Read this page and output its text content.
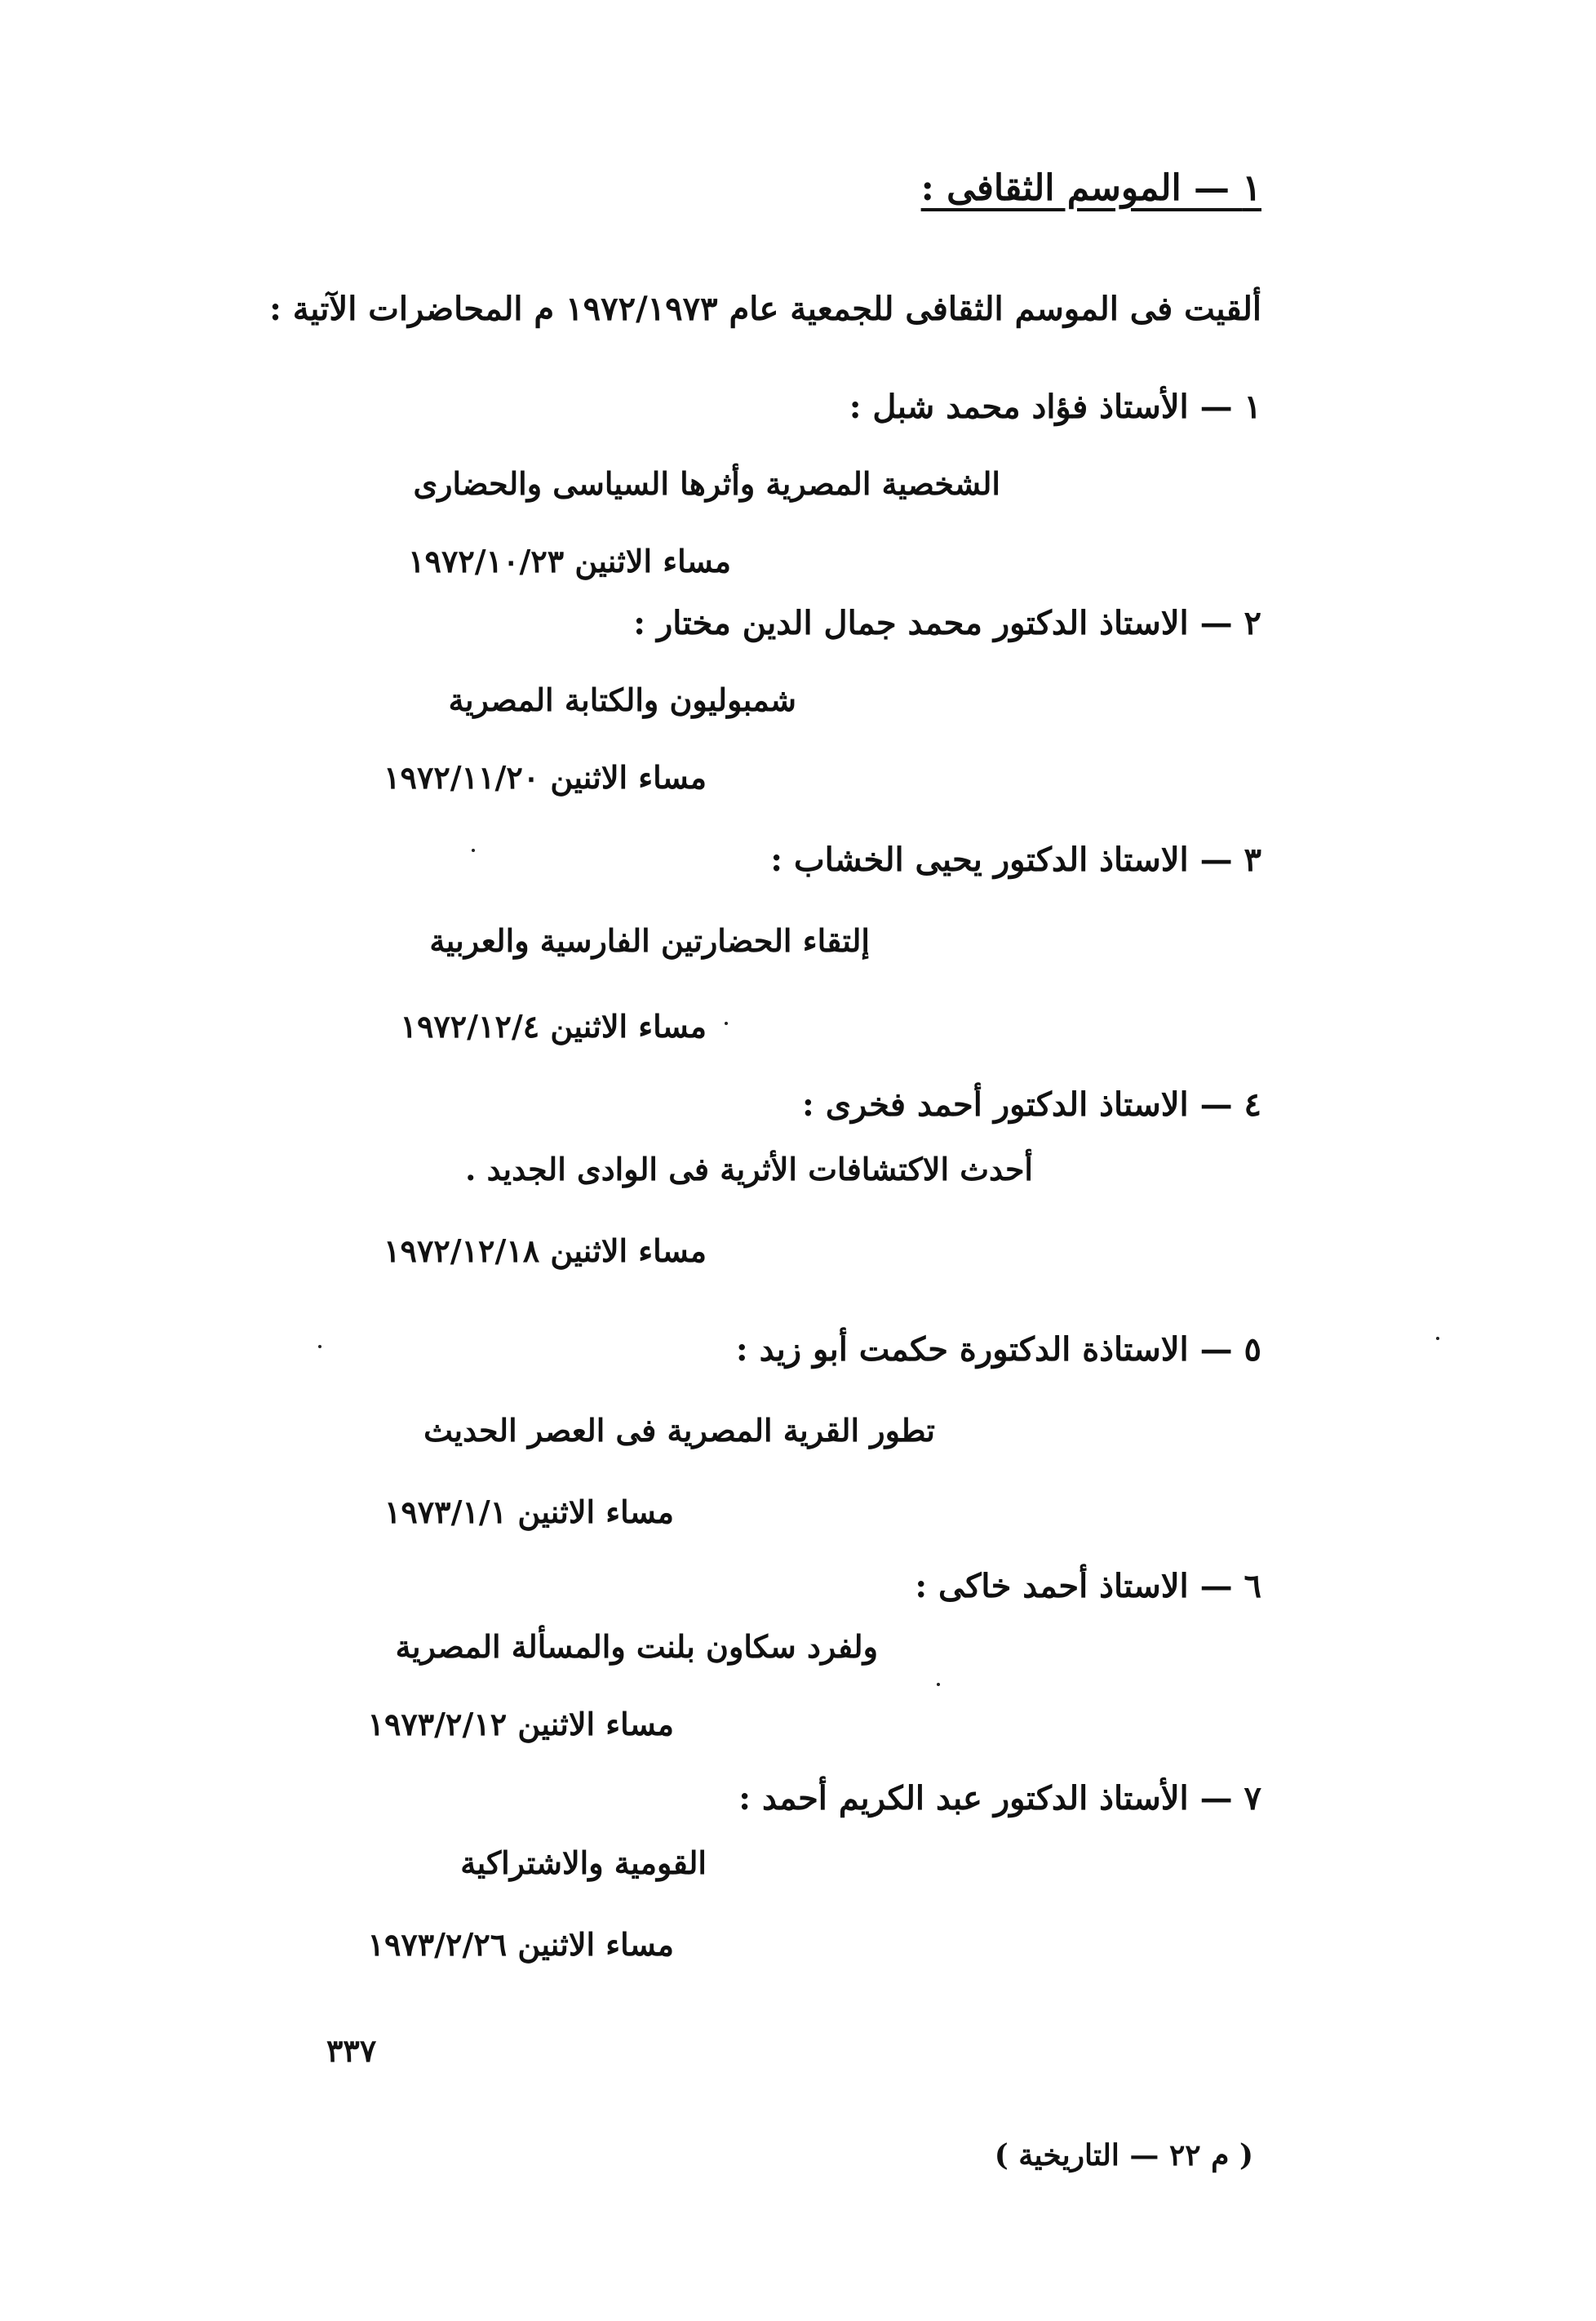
١ — الموسم الثقافى :
ألقيت فى الموسم الثقافى للجمعية عام ١٩٧٢/١٩٧٣ م المحاضرات الآتية :
١ — الأستاذ فؤاد محمد شبل :
الشخصية المصرية وأثرها السياسى والحضارى
مساء الاثنين ١٩٧٢/١٠/٢٣
٢ — الاستاذ الدكتور محمد جمال الدين مختار :
شمبوليون والكتابة المصرية
مساء الاثنين ١٩٧٢/١١/٢٠
٣ — الاستاذ الدكتور يحيى الخشاب :
إلتقاء الحضارتين الفارسية والعربية
مساء الاثنين ١٩٧٢/١٢/٤
٤ — الاستاذ الدكتور أحمد فخرى :
أحدث الاكتشافات الأثرية فى الوادى الجديد .
مساء الاثنين ١٩٧٢/١٢/١٨
٥ — الاستاذة الدكتورة حكمت أبو زيد :
تطور القرية المصرية فى العصر الحديث
مساء الاثنين ١٩٧٣/١/١
٦ — الاستاذ أحمد خاكى :
ولفرد سكاون بلنت والمسألة المصرية
مساء الاثنين ١٩٧٣/٢/١٢
٧ — الأستاذ الدكتور عبد الكريم أحمد :
القومية والاشتراكية
مساء الاثنين ١٩٧٣/٢/٢٦
٣٣٧
( م ٢٢ — التاريخية )
